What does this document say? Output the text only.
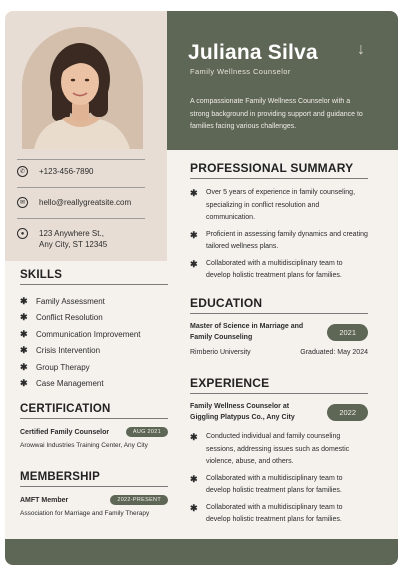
✆	+123-456-7890
✉	hello@reallygreatsite.com
●	123 Anywhere St.,
Any City, ST 12345
SKILLS
✱	Family Assessment
✱	Conflict Resolution
✱	Communication Improvement
✱	Crisis Intervention
✱	Group Therapy
✱	Case Management
CERTIFICATION
Certified Family Counselor	AUG 2021
Arowwai Industries Training Center, Any City
MEMBERSHIP
AMFT Member	2022-PRESENT
Association for Marriage and Family Therapy
Juliana Silva
Family Wellness Counselor
↓
A compassionate Family Wellness Counselor with a strong background in providing support and guidance to families facing various challenges.
PROFESSIONAL SUMMARY
✱	Over 5 years of experience in family counseling, specializing in conflict resolution and communication.
✱	Proficient in assessing family dynamics and creating tailored wellness plans.
✱	Collaborated with a multidisciplinary team to develop holistic treatment plans for families.
EDUCATION
Master of Science in Marriage and Family Counseling	2021
Rimberio University	Graduated: May 2024
EXPERIENCE
Family Wellness Counselor at Giggling Platypus Co., Any City	2022
✱	Conducted individual and family counseling sessions, addressing issues such as domestic violence, abuse, and others.
✱	Collaborated with a multidisciplinary team to develop holistic treatment plans for families.
✱	Collaborated with a multidisciplinary team to develop holistic treatment plans for families.
